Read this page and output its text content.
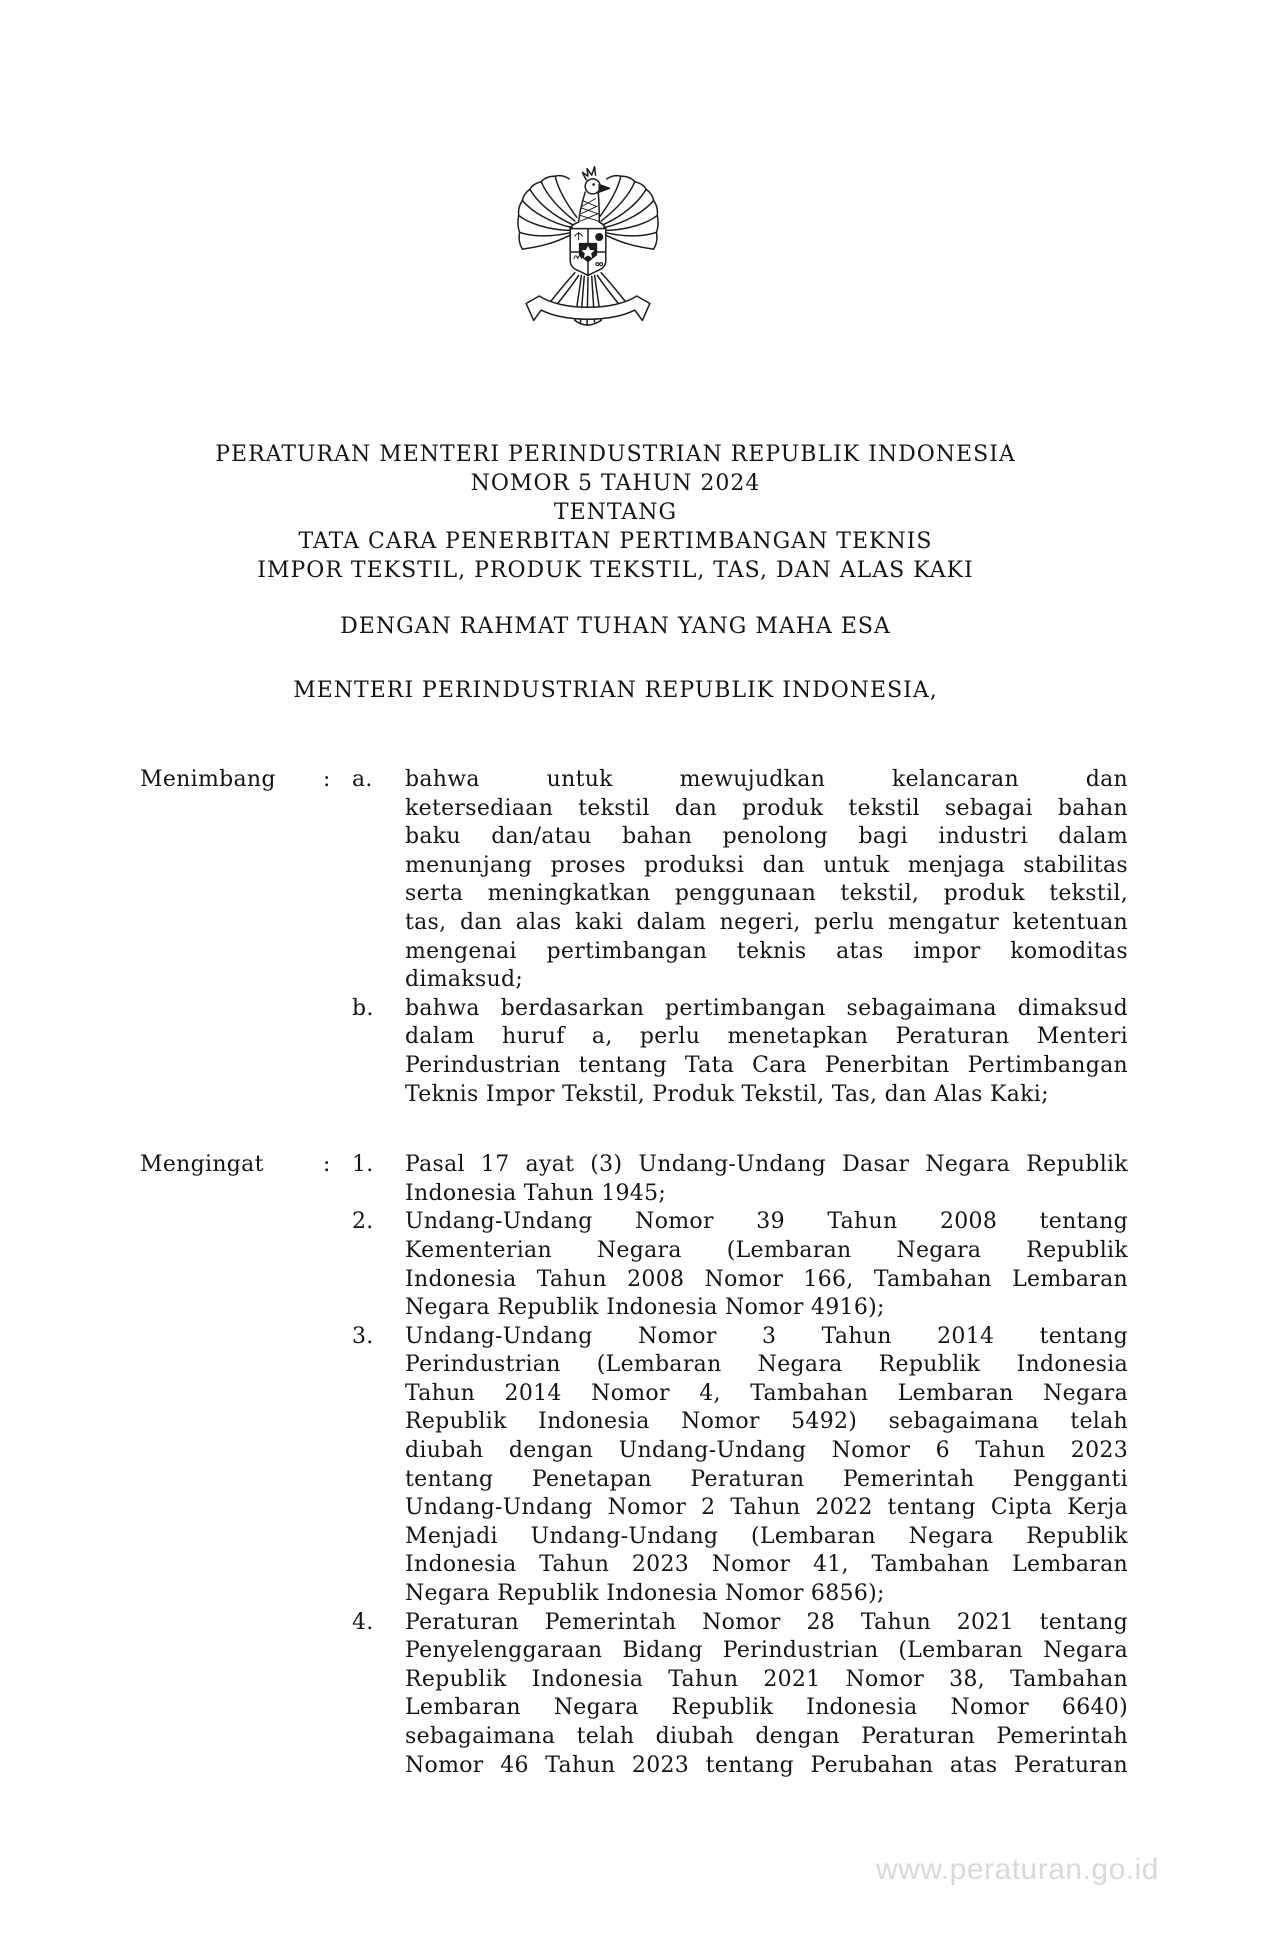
PERATURAN MENTERI PERINDUSTRIAN REPUBLIK INDONESIA
NOMOR 5 TAHUN 2024
TENTANG
TATA CARA PENERBITAN PERTIMBANGAN TEKNIS
IMPOR TEKSTIL, PRODUK TEKSTIL, TAS, DAN ALAS KAKI
DENGAN RAHMAT TUHAN YANG MAHA ESA
MENTERI PERINDUSTRIAN REPUBLIK INDONESIA,
Menimbang	: a.	bahwa untuk mewujudkan kelancaran dan
ketersediaan tekstil dan produk tekstil sebagai bahan
baku dan/atau bahan penolong bagi industri dalam
menunjang proses produksi dan untuk menjaga stabilitas
serta meningkatkan penggunaan tekstil, produk tekstil,
tas, dan alas kaki dalam negeri, perlu mengatur ketentuan
mengenai pertimbangan teknis atas impor komoditas
dimaksud;
b.	bahwa berdasarkan pertimbangan sebagaimana dimaksud
dalam huruf a, perlu menetapkan Peraturan Menteri
Perindustrian tentang Tata Cara Penerbitan Pertimbangan
Teknis Impor Tekstil, Produk Tekstil, Tas, dan Alas Kaki;
Mengingat	: 1.	Pasal 17 ayat (3) Undang-Undang Dasar Negara Republik
Indonesia Tahun 1945;
2.	Undang-Undang Nomor 39 Tahun 2008 tentang
Kementerian Negara (Lembaran Negara Republik
Indonesia Tahun 2008 Nomor 166, Tambahan Lembaran
Negara Republik Indonesia Nomor 4916);
3.	Undang-Undang Nomor 3 Tahun 2014 tentang
Perindustrian (Lembaran Negara Republik Indonesia
Tahun 2014 Nomor 4, Tambahan Lembaran Negara
Republik Indonesia Nomor 5492) sebagaimana telah
diubah dengan Undang-Undang Nomor 6 Tahun 2023
tentang Penetapan Peraturan Pemerintah Pengganti
Undang-Undang Nomor 2 Tahun 2022 tentang Cipta Kerja
Menjadi Undang-Undang (Lembaran Negara Republik
Indonesia Tahun 2023 Nomor 41, Tambahan Lembaran
Negara Republik Indonesia Nomor 6856);
4.	Peraturan Pemerintah Nomor 28 Tahun 2021 tentang
Penyelenggaraan Bidang Perindustrian (Lembaran Negara
Republik Indonesia Tahun 2021 Nomor 38, Tambahan
Lembaran Negara Republik Indonesia Nomor 6640)
sebagaimana telah diubah dengan Peraturan Pemerintah
Nomor 46 Tahun 2023 tentang Perubahan atas Peraturan
www.peraturan.go.id
